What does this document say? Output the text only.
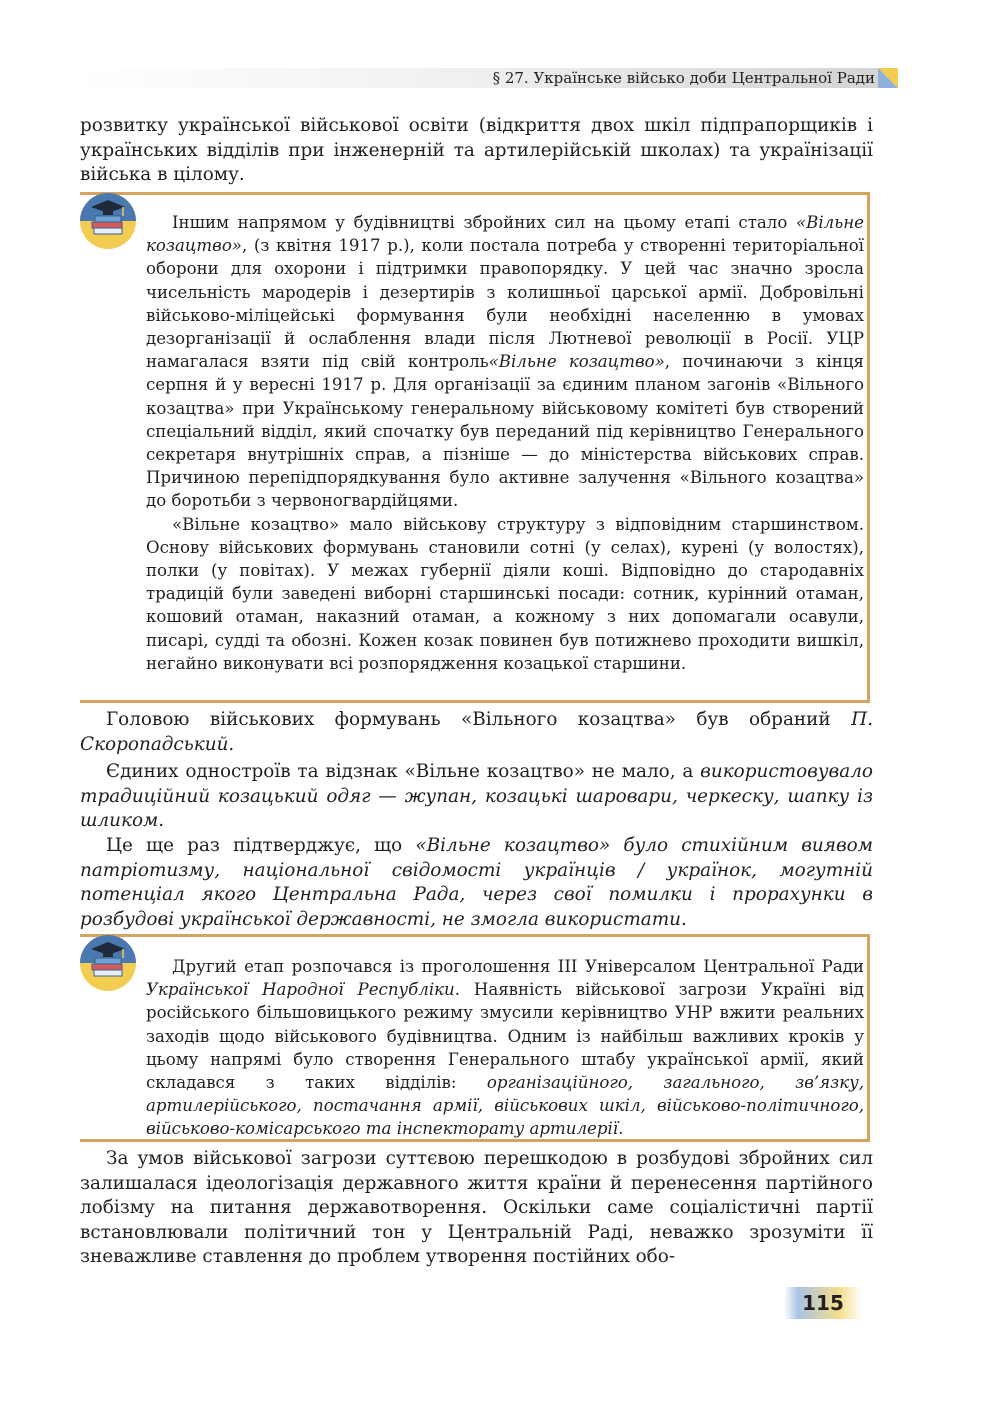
§ 27. Українське військо доби Центральної Ради

розвитку української військової освіти (відкриття двох шкіл підпрапорщиків і українських відділів при інженерній та артилерійській школах) та українізації війська в цілому.

Іншим напрямом у будівництві збройних сил на цьому етапі стало «Вільне козацтво», (з квітня 1917 р.), коли постала потреба у створенні територіальної оборони для охорони і підтримки правопорядку. У цей час значно зросла чисельність мародерів і дезертирів з колишньої царської армії. Добровільні військово-міліцейські формування були необхідні населенню в умовах дезорганізації й ослаблення влади після Лютневої революції в Росії. УЦР намагалася взяти під свій контроль«Вільне козацтво», починаючи з кінця серпня й у вересні 1917 р. Для організації за єдиним планом загонів «Вільного козацтва» при Українському генеральному військовому комітеті був створений спеціальний відділ, який спочатку був переданий під керівництво Генерального секретаря внутрішніх справ, а пізніше — до міністерства військових справ. Причиною перепідпорядкування було активне залучення «Вільного козацтва» до боротьби з червоногвардійцями.

«Вільне козацтво» мало військову структуру з відповідним старшинством. Основу військових формувань становили сотні (у селах), курені (у волостях), полки (у повітах). У межах губернії діяли коші. Відповідно до стародавніх традицій були заведені виборні старшинські посади: сотник, курінний отаман, кошовий отаман, наказний отаман, а кожному з них допомагали осавули, писарі, судді та обозні. Кожен козак повинен був потижнево проходити вишкіл, негайно виконувати всі розпорядження козацької старшини.

Головою військових формувань «Вільного козацтва» був обраний П. Скоропадський.

Єдиних одностроїв та відзнак «Вільне козацтво» не мало, а використовувало традиційний козацький одяг — жупан, козацькі шаровари, черкеску, шапку із шликом.

Це ще раз підтверджує, що «Вільне козацтво» було стихійним виявом патріотизму, національної свідомості українців / українок, могутній потенціал якого Центральна Рада, через свої помилки і прорахунки в розбудові української державності, не змогла використати.

Другий етап розпочався із проголошення ІІІ Універсалом Центральної Ради Української Народної Республіки. Наявність військової загрози Україні від російського більшовицького режиму змусили керівництво УНР вжити реальних заходів щодо військового будівництва. Одним із найбільш важливих кроків у цьому напрямі було створення Генерального штабу української армії, який складався з таких відділів: організаційного, загального, зв’язку, артилерійського, постачання армії, військових шкіл, військово-політичного, військово-комісарського та інспекторату артилерії.

За умов військової загрози суттєвою перешкодою в розбудові збройних сил залишалася ідеологізація державного життя країни й перенесення партійного лобізму на питання державотворення. Оскільки саме соціалістичні партії встановлювали політичний тон у Центральній Раді, неважко зрозуміти її зневажливе ставлення до проблем утворення постійних обо-

115
